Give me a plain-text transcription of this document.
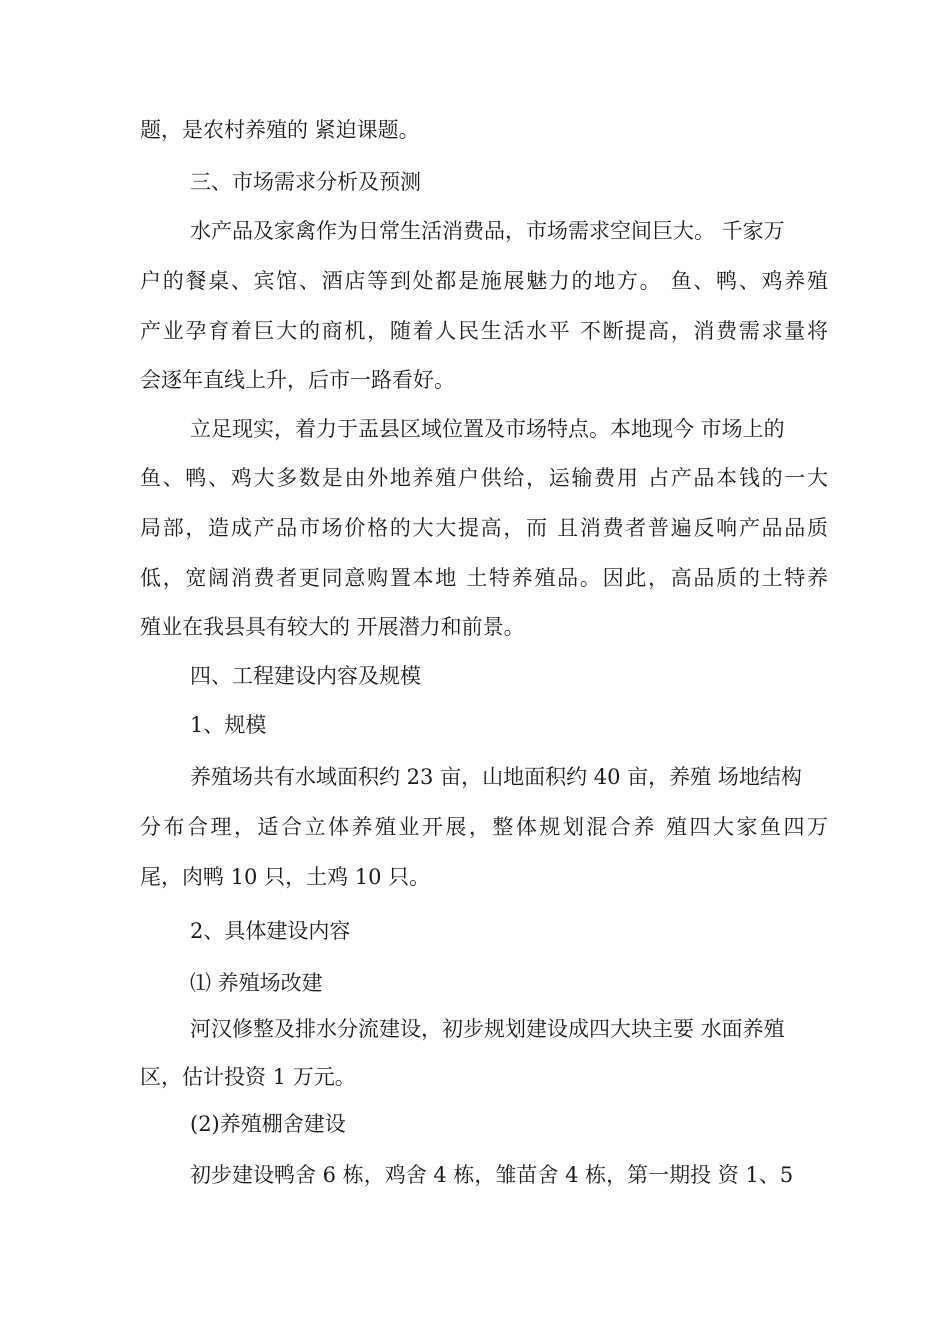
题，是农村养殖的 紧迫课题。
三、市场需求分析及预测
水产品及家禽作为日常生活消费品，市场需求空间巨大。 千家万
户的餐桌、宾馆、酒店等到处都是施展魅力的地方。 鱼、鸭、鸡养殖
产业孕育着巨大的商机，随着人民生活水平 不断提高，消费需求量将
会逐年直线上升，后市一路看好。
立足现实，着力于盂县区域位置及市场特点。本地现今 市场上的
鱼、鸭、鸡大多数是由外地养殖户供给，运输费用 占产品本钱的一大
局部，造成产品市场价格的大大提高，而 且消费者普遍反响产品品质
低，宽阔消费者更同意购置本地 土特养殖品。因此，高品质的土特养
殖业在我县具有较大的 开展潜力和前景。
四、工程建设内容及规模
1、规模
养殖场共有水域面积约 23 亩，山地面积约 40 亩，养殖 场地结构
分布合理，适合立体养殖业开展，整体规划混合养 殖四大家鱼四万
尾，肉鸭 10 只，土鸡 10 只。
2、具体建设内容
⑴ 养殖场改建
河汉修整及排水分流建设，初步规划建设成四大块主要 水面养殖
区，估计投资 1 万元。
(2)养殖棚舍建设
初步建设鸭舍 6 栋，鸡舍 4 栋，雏苗舍 4 栋，第一期投 资 1、5
